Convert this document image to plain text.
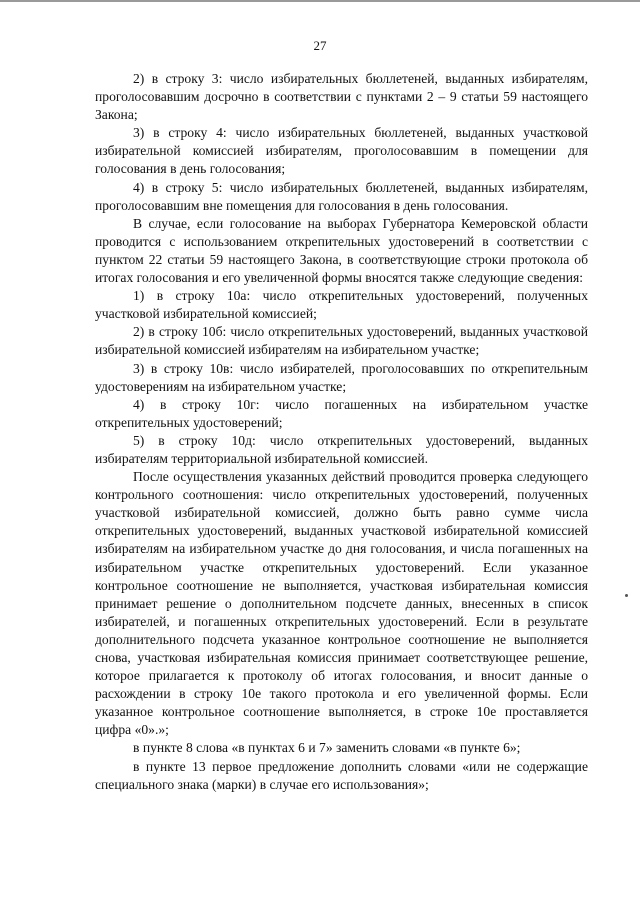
27

2) в строку 3: число избирательных бюллетеней, выданных избирателям, проголосовавшим досрочно в соответствии с пунктами 2 – 9 статьи 59 настоящего Закона;

3) в строку 4: число избирательных бюллетеней, выданных участковой избирательной комиссией избирателям, проголосовавшим в помещении для голосования в день голосования;

4) в строку 5: число избирательных бюллетеней, выданных избирателям, проголосовавшим вне помещения для голосования в день голосования.

В случае, если голосование на выборах Губернатора Кемеровской области проводится с использованием открепительных удостоверений в соответствии с пунктом 22 статьи 59 настоящего Закона, в соответствующие строки протокола об итогах голосования и его увеличенной формы вносятся также следующие сведения:

1) в строку 10а: число открепительных удостоверений, полученных участковой избирательной комиссией;

2) в строку 10б: число открепительных удостоверений, выданных участковой избирательной комиссией избирателям на избирательном участке;

3) в строку 10в: число избирателей, проголосовавших по открепительным удостоверениям на избирательном участке;

4) в строку 10г: число погашенных на избирательном участке открепительных удостоверений;

5) в строку 10д: число открепительных удостоверений, выданных избирателям территориальной избирательной комиссией.

После осуществления указанных действий проводится проверка следующего контрольного соотношения: число открепительных удостоверений, полученных участковой избирательной комиссией, должно быть равно сумме числа открепительных удостоверений, выданных участковой избирательной комиссией избирателям на избирательном участке до дня голосования, и числа погашенных на избирательном участке открепительных удостоверений. Если указанное контрольное соотношение не выполняется, участковая избирательная комиссия принимает решение о дополнительном подсчете данных, внесенных в список избирателей, и погашенных открепительных удостоверений. Если в результате дополнительного подсчета указанное контрольное соотношение не выполняется снова, участковая избирательная комиссия принимает соответствующее решение, которое прилагается к протоколу об итогах голосования, и вносит данные о расхождении в строку 10е такого протокола и его увеличенной формы. Если указанное контрольное соотношение выполняется, в строке 10е проставляется цифра «0».»;

в пункте 8 слова «в пунктах 6 и 7» заменить словами «в пункте 6»;

в пункте 13 первое предложение дополнить словами «или не содержащие специального знака (марки) в случае его использования»;
